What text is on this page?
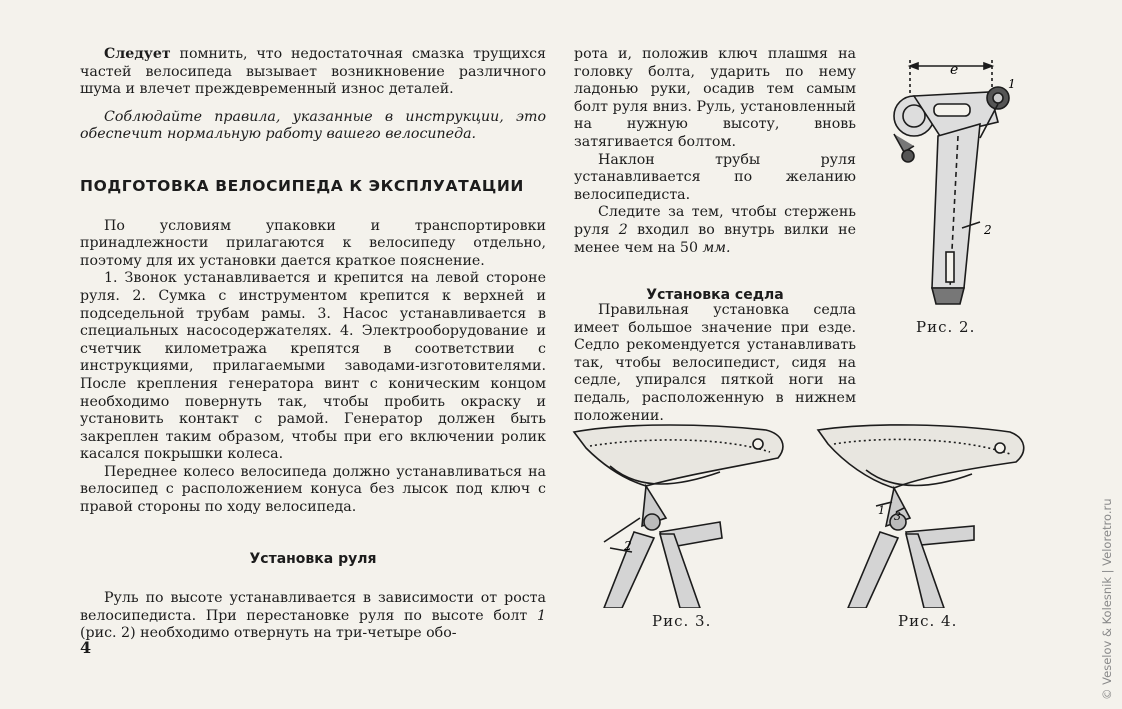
Следует помнить, что недостаточная смазка трущихся частей велосипеда вызывает возникновение различного шума и влечет преждевременный износ деталей.

Соблюдайте правила, указанные в инструкции, это обеспечит нормальную работу вашего велосипеда.

ПОДГОТОВКА ВЕЛОСИПЕДА К ЭКСПЛУАТАЦИИ

По условиям упаковки и транспортировки принадлежности прилагаются к велосипеду отдельно, поэтому для их установки дается краткое пояснение.

1. Звонок устанавливается и крепится на левой стороне руля. 2. Сумка с инструментом крепится к верхней и подседельной трубам рамы. 3. Насос устанавливается в специальных насосодержателях. 4. Электрооборудование и счетчик километража крепятся в соответствии с инструкциями, прилагаемыми заводами-изготовителями. После крепления генератора винт с коническим концом необходимо повернуть так, чтобы пробить окраску и установить контакт с рамой. Генератор должен быть закреплен таким образом, чтобы при его включении ролик касался покрышки колеса.

Переднее колесо велосипеда должно устанавливаться на велосипед с расположением конуса без лысок под ключ с правой стороны по ходу велосипеда.

Установка руля

Руль по высоте устанавливается в зависимости от роста велосипедиста. При перестановке руля по высоте болт 1 (рис. 2) необходимо отвернуть на три-четыре обо-

4

рота и, положив ключ плашмя на головку болта, ударить по нему ладонью руки, осадив тем самым болт руля вниз. Руль, установленный на нужную высоту, вновь затягивается болтом.

Наклон трубы руля устанавливается по желанию велосипедиста.

Следите за тем, чтобы стержень руля 2 входил во внутрь вилки не менее чем на 50 мм.

Установка седла

Правильная установка седла имеет большое значение при езде. Седло рекомендуется устанавливать так, чтобы велосипедист, сидя на седле, упирался пяткой ноги на педаль, расположенную в нижнем положении.

e
1
2
Рис. 2.
2
Рис. 3.
1 3
Рис. 4.	© Veselov & Kolesnik | Veloretro.ru
